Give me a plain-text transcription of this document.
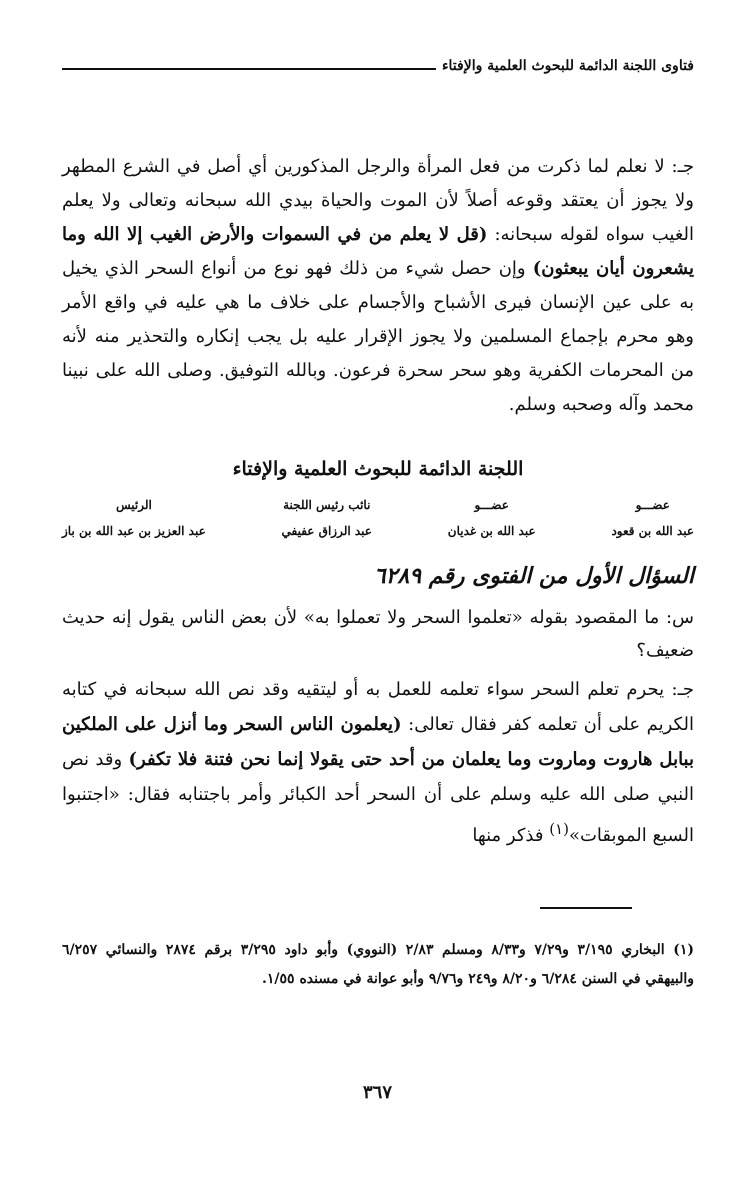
فتاوى اللجنة الدائمة للبحوث العلمية والإفتاء
جـ: لا نعلم لما ذكرت من فعل المرأة والرجل المذكورين أي أصل في الشرع المطهر ولا يجوز أن يعتقد وقوعه أصلاً لأن الموت والحياة بيدي الله سبحانه وتعالى ولا يعلم الغيب سواه لقوله سبحانه: (قل لا يعلم من في السموات والأرض الغيب إلا الله وما يشعرون أيان يبعثون) وإن حصل شيء من ذلك فهو نوع من أنواع السحر الذي يخيل به على عين الإنسان فيرى الأشباح والأجسام على خلاف ما هي عليه في واقع الأمر وهو محرم بإجماع المسلمين ولا يجوز الإقرار عليه بل يجب إنكاره والتحذير منه لأنه من المحرمات الكفرية وهو سحر سحرة فرعون. وبالله التوفيق. وصلى الله على نبينا محمد وآله وصحبه وسلم.
اللجنة الدائمة للبحوث العلمية والإفتاء
عضـــو
عبد الله بن قعود
عضـــو
عبد الله بن غديان
نائب رئيس اللجنة
عبد الرزاق عفيفي
الرئيس
عبد العزيز بن عبد الله بن باز
السؤال الأول من الفتوى رقم ٦٢٨٩
س: ما المقصود بقوله «تعلموا السحر ولا تعملوا به» لأن بعض الناس يقول إنه حديث ضعيف؟
جـ: يحرم تعلم السحر سواء تعلمه للعمل به أو ليتقيه وقد نص الله سبحانه في كتابه الكريم على أن تعلمه كفر فقال تعالى: (يعلمون الناس السحر وما أنزل على الملكين ببابل هاروت وماروت وما يعلمان من أحد حتى يقولا إنما نحن فتنة فلا تكفر) وقد نص النبي صلى الله عليه وسلم على أن السحر أحد الكبائر وأمر باجتنابه فقال: «اجتنبوا السبع الموبقات»$^{(١)}$ فذكر منها
(١) البخاري ٣/١٩٥ و٧/٢٩ و٨/٣٣ ومسلم ٢/٨٣ (النووي) وأبو داود ٣/٢٩٥ برقم ٢٨٧٤ والنسائي ٦/٢٥٧ والبيهقي في السنن ٦/٢٨٤ و٨/٢٠ و٢٤٩ و٩/٧٦ وأبو عوانة في مسنده ١/٥٥.
٣٦٧
